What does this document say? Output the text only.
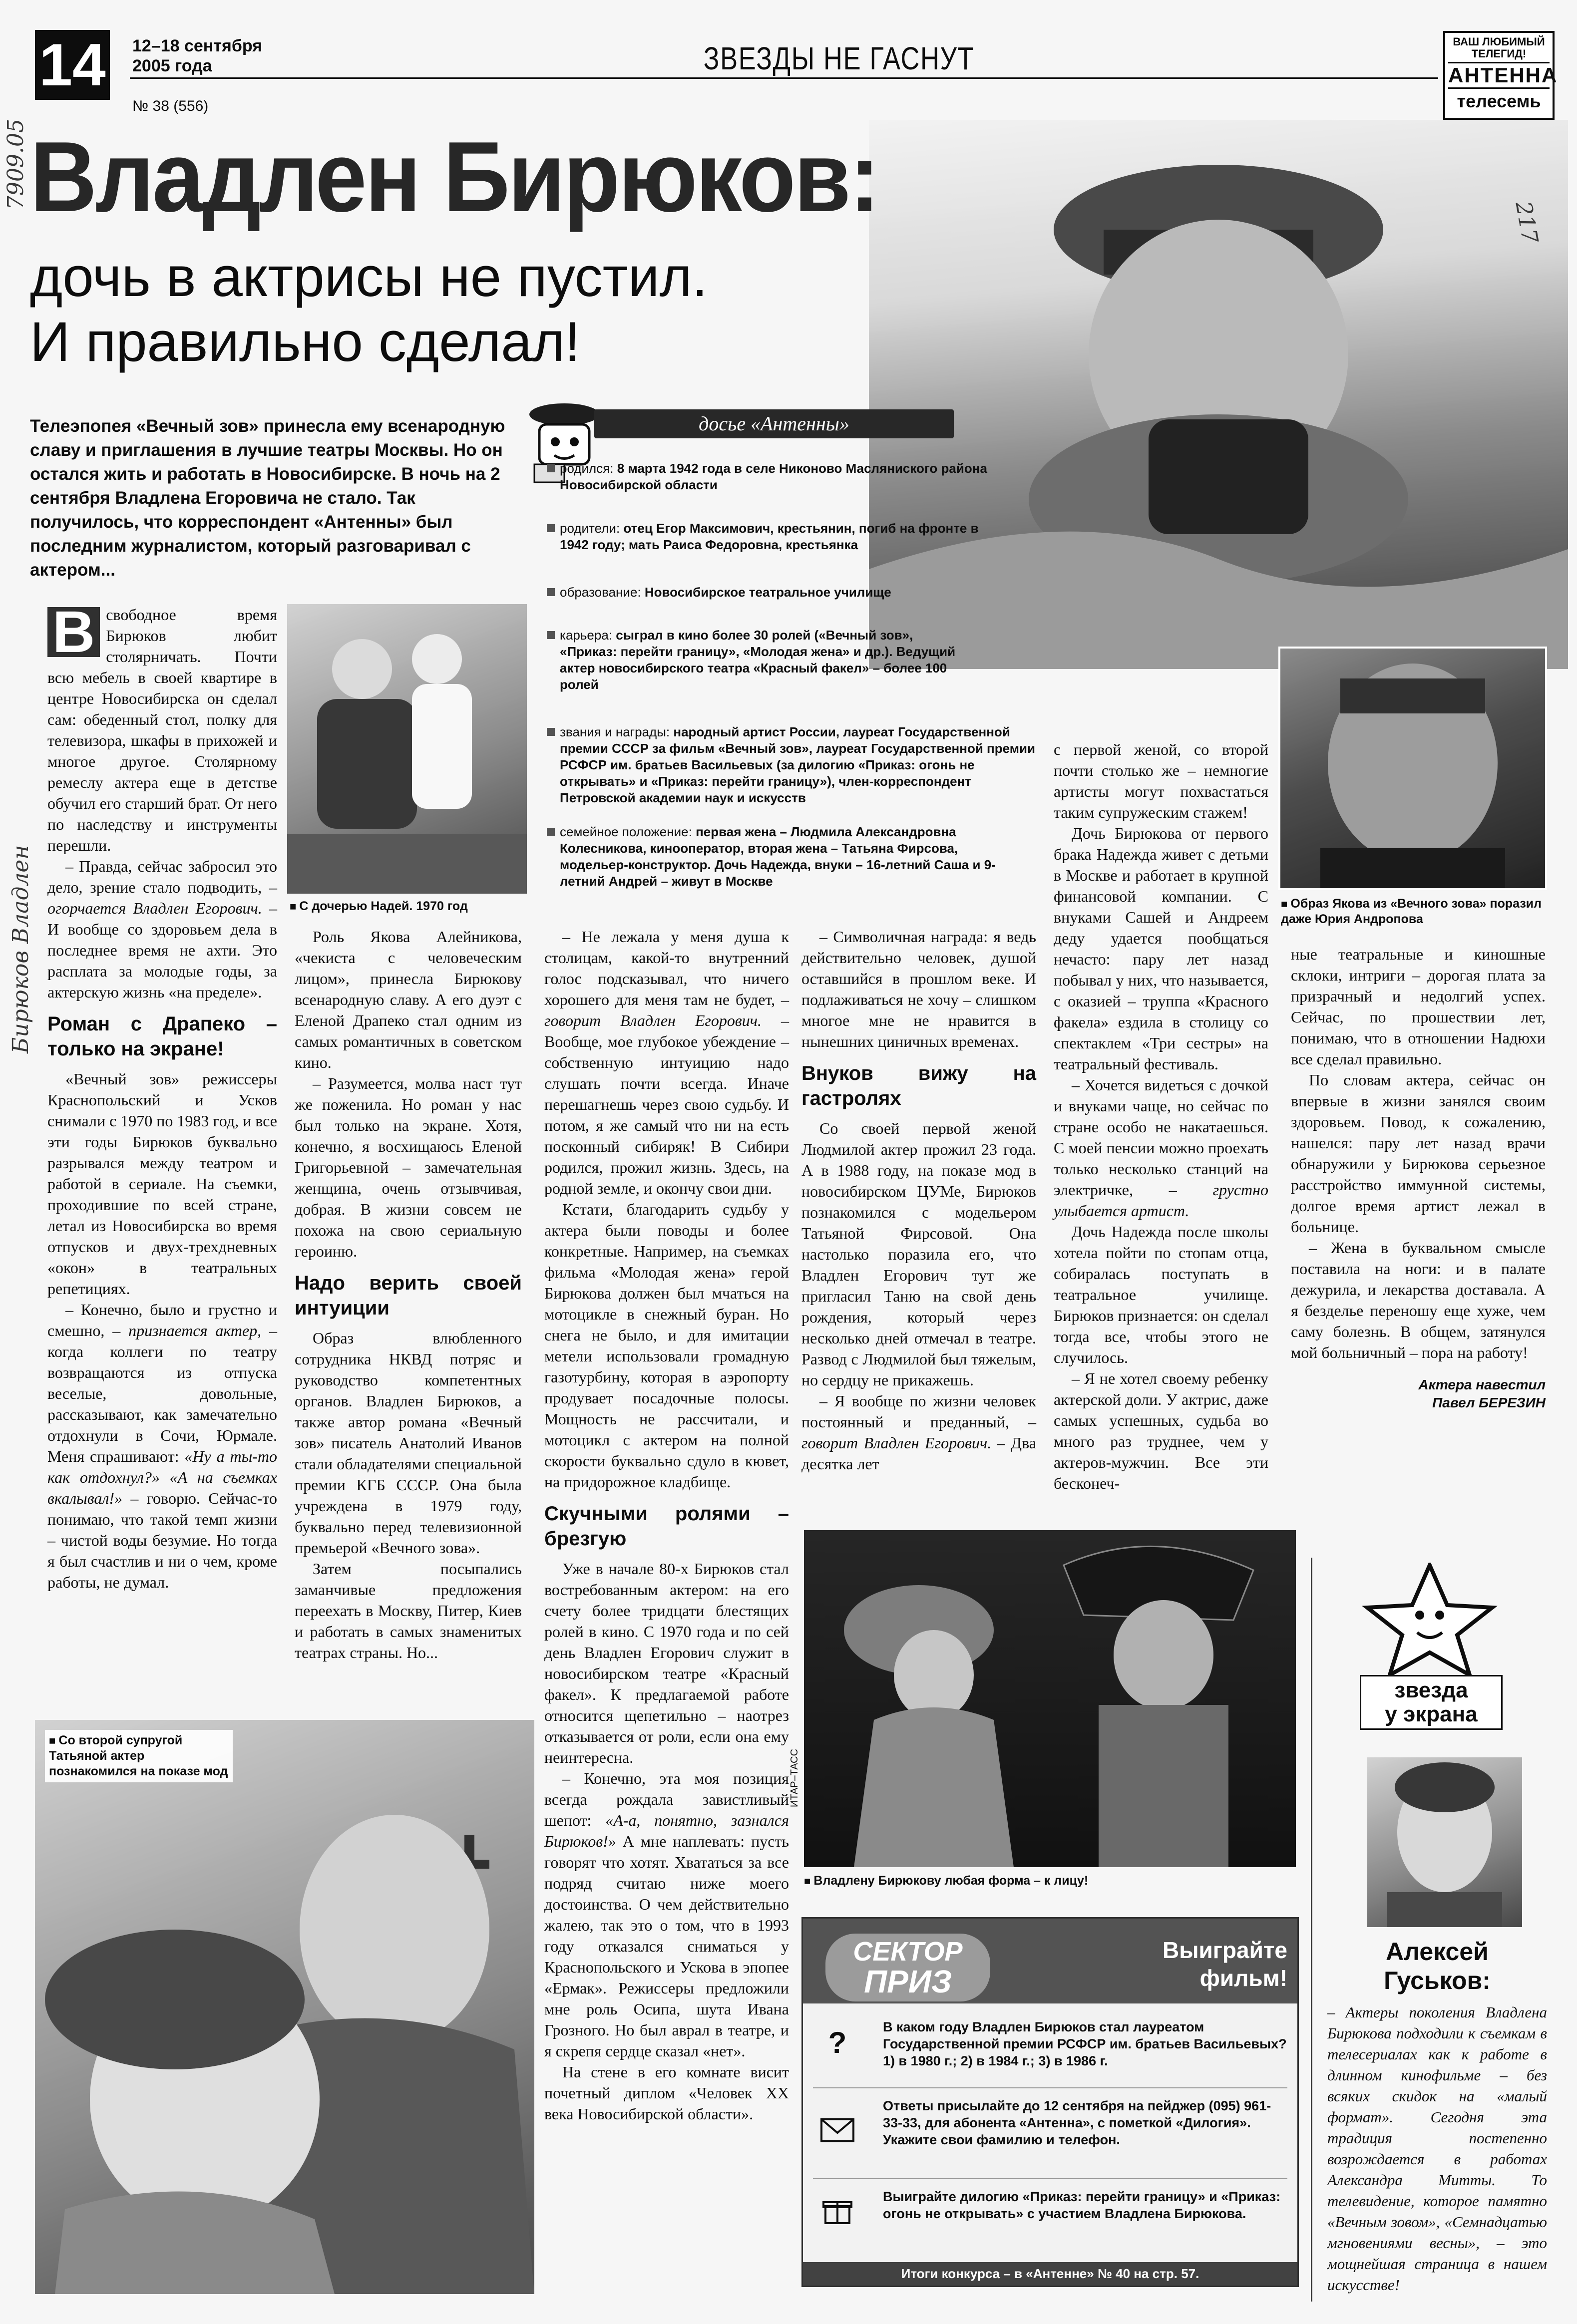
7909.05
14 12–18 сентября
2005 года
№ 38 (556)
ЗВЕЗДЫ НЕ ГАСНУТ	ВАШ ЛЮБИМЫЙ ТЕЛЕГИД!
АНТЕННА
телесемь
217
Владлен Бирюков:
дочь в актрисы не пустил.
И правильно сделал!
Телеэпопея «Вечный зов» принесла ему всенародную славу и приглашения в лучшие театры Москвы. Но он остался жить и работать в Новосибирске. В ночь на 2 сентября Владлена Егоровича не стало. Так получилось, что корреспондент «Антенны» был последним журналистом, который разговаривал с актером...
досье «Антенны»
родился: 8 марта 1942 года в селе Никоново Масляниского района Новосибирской области
родители: отец Егор Максимович, крестьянин, погиб на фронте в 1942 году; мать Раиса Федоровна, крестьянка
образование: Новосибирское театральное училище
карьера: сыграл в кино более 30 ролей («Вечный зов», «Приказ: перейти границу», «Молодая жена» и др.). Ведущий актер новосибирского театра «Красный факел» – более 100 ролей
звания и награды: народный артист России, лауреат Государственной премии СССР за фильм «Вечный зов», лауреат Государственной премии РСФСР им. братьев Васильевых (за дилогию «Приказ: огонь не открывать» и «Приказ: перейти границу»), член-корреспондент Петровской академии наук и искусств
семейное положение: первая жена – Людмила Александровна Колесникова, кинооператор, вторая жена – Татьяна Фирсова, модельер-конструктор. Дочь Надежда, внуки – 16-летний Саша и 9-летний Андрей – живут в Москве
■ Образ Якова из «Вечного зова» поразил даже Юрия Андропова

В свободное время Бирюков любит столярничать. Почти всю мебель в своей квартире в центре Новосибирска он сделал сам: обеденный стол, полку для телевизора, шкафы в прихожей и многое другое. Столярному ремеслу актера еще в детстве обучил его старший брат. От него по наследству и инструменты перешли.

– Правда, сейчас забросил это дело, зрение стало подводить, – огорчается Владлен Егорович. – И вообще со здоровьем дела в последнее время не ахти. Это расплата за молодые годы, за актерскую жизнь «на пределе».

Роман с Драпеко – только на экране!

«Вечный зов» режиссеры Краснопольский и Усков снимали с 1970 по 1983 год, и все эти годы Бирюков буквально разрывался между театром и работой в сериале. На съемки, проходившие по всей стране, летал из Новосибирска во время отпусков и двух-трехдневных «окон» в театральных репетициях.

– Конечно, было и грустно и смешно, – признается актер, – когда коллеги по театру возвращаются из отпуска веселые, довольные, рассказывают, как замечательно отдохнули в Сочи, Юрмале. Меня спрашивают: «Ну а ты-то как отдохнул?» «А на съемках вкалывал!» – говорю. Сейчас-то понимаю, что такой темп жизни – чистой воды безумие. Но тогда я был счастлив и ни о чем, кроме работы, не думал.

Бирюков Владлен
■	С дочерью Надей. 1970 год

Роль Якова Алейникова, «чекиста с человеческим лицом», принесла Бирюкову всенародную славу. А его дуэт с Еленой Драпеко стал одним из самых романтичных в советском кино.

– Разумеется, молва наст тут же поженила. Но роман у нас был только на экране. Хотя, конечно, я восхищаюсь Еленой Григорьевной – замечательная женщина, очень отзывчивая, добрая. В жизни совсем не похожа на свою сериальную героиню.

Надо верить своей интуиции

Образ влюбленного сотрудника НКВД потряс и руководство компетентных органов. Владлен Бирюков, а также автор романа «Вечный зов» писатель Анатолий Иванов стали обладателями специальной премии КГБ СССР. Она была учреждена в 1979 году, буквально перед телевизионной премьерой «Вечного зова».

Затем посыпались заманчивые предложения переехать в Москву, Питер, Киев и работать в самых знаменитых театрах страны. Но...

– Не лежала у меня душа к столицам, какой-то внутренний голос подсказывал, что ничего хорошего для меня там не будет, – говорит Владлен Егорович. – Вообще, мое глубокое убеждение – собственную интуицию надо слушать почти всегда. Иначе перешагнешь через свою судьбу. И потом, я же самый что ни на есть посконный сибиряк! В Сибири родился, прожил жизнь. Здесь, на родной земле, и окончу свои дни.

Кстати, благодарить судьбу у актера были поводы и более конкретные. Например, на съемках фильма «Молодая жена» герой Бирюкова должен был мчаться на мотоцикле в снежный буран. Но снега не было, и для имитации метели использовали громадную газотурбину, которая в аэропорту продувает посадочные полосы. Мощность не рассчитали, и мотоцикл с актером на полной скорости буквально сдуло в кювет, на придорожное кладбище.

Скучными ролями – брезгую

Уже в начале 80-х Бирюков стал востребованным актером: на его счету более тридцати блестящих ролей в кино. С 1970 года и по сей день Владлен Егорович служит в новосибирском театре «Красный факел». К предлагаемой работе относится щепетильно – наотрез отказывается от роли, если она ему неинтересна.

– Конечно, эта моя позиция всегда рождала завистливый шепот: «А-а, понятно, зазнался Бирюков!» А мне наплевать: пусть говорят что хотят. Хвататься за все подряд считаю ниже моего достоинства. О чем действительно жалею, так это о том, что в 1993 году отказался сниматься у Краснопольского и Ускова в эпопее «Ермак». Режиссеры предложили мне роль Осипа, шута Ивана Грозного. Но был аврал в театре, и я скрепя сердце сказал «нет».

На стене в его комнате висит почетный диплом «Человек XX века Новосибирской области».

– Символичная награда: я ведь действительно человек, душой оставшийся в прошлом веке. И подлаживаться не хочу – слишком многое мне не нравится в нынешних циничных временах.

Внуков вижу на гастролях

Со своей первой женой Людмилой актер прожил 23 года. А в 1988 году, на показе мод в новосибирском ЦУМе, Бирюков познакомился с модельером Татьяной Фирсовой. Она настолько поразила его, что Владлен Егорович тут же пригласил Таню на свой день рождения, который через несколько дней отмечал в театре. Развод с Людмилой был тяжелым, но сердцу не прикажешь.

– Я вообще по жизни человек постоянный и преданный, – говорит Владлен Егорович. – Два десятка лет

с первой женой, со второй почти столько же – немногие артисты могут похвастаться таким супружеским стажем!

Дочь Бирюкова от первого брака Надежда живет с детьми в Москве и работает в крупной финансовой компании. С внуками Сашей и Андреем деду удается пообщаться нечасто: пару лет назад побывал у них, что называется, с оказией – труппа «Красного факела» ездила в столицу со спектаклем «Три сестры» на театральный фестиваль.

– Хочется видеться с дочкой и внуками чаще, но сейчас по стране особо не накатаешься. С моей пенсии можно проехать только несколько станций на электричке, – грустно улыбается артист.

Дочь Надежда после школы хотела пойти по стопам отца, собиралась поступать в театральное училище. Бирюков признается: он сделал тогда все, чтобы этого не случилось.

– Я не хотел своему ребенку актерской доли. У актрис, даже самых успешных, судьба во много раз труднее, чем у актеров-мужчин. Все эти бесконеч-

ные театральные и киношные склоки, интриги – дорогая плата за призрачный и недолгий успех. Сейчас, по прошествии лет, понимаю, что в отношении Надюхи все сделал правильно.

По словам актера, сейчас он впервые в жизни занялся своим здоровьем. Повод, к сожалению, нашелся: пару лет назад врачи обнаружили у Бирюкова серьезное расстройство иммунной системы, долгое время артист лежал в больнице.

– Жена в буквальном смысле поставила на ноги: и в палате дежурила, и лекарства доставала. А я безделье переношу еще хуже, чем саму болезнь. В общем, затянулся мой больничный – пора на работу!

Актера навестил
Павел БЕРЕЗИН
ИТАР–ТАСС
■ Владлену Бирюкову любая форма – к лицу!
■ Со второй супругой Татьяной актер познакомился на показе мод
СЕКТОР
ПРИЗ
Выиграйте
фильм!
?	В каком году Владлен Бирюков стал лауреатом Государственной премии РСФСР им. братьев Васильевых? 1) в 1980 г.; 2) в 1984 г.; 3) в 1986 г.
Ответы присылайте до 12 сентября на пейджер (095) 961-33-33, для абонента «Антенна», с пометкой «Дилогия». Укажите свои фамилию и телефон.
Выиграйте дилогию «Приказ: перейти границу» и «Приказ: огонь не открывать» с участием Владлена Бирюкова.
Итоги конкурса – в «Антенне» № 40 на стр. 57.
звезда
у экрана
Алексей
Гуськов:
– Актеры поколения Владлена Бирюкова подходили к съемкам в телесериалах как к работе в длинном кинофильме – без всяких скидок на «малый формат». Сегодня эта традиция постепенно возрождается в работах Александра Митты. То телевидение, которое памятно «Вечным зовом», «Семнадцатью мгновениями весны», – это мощнейшая страница в нашем искусстве!
